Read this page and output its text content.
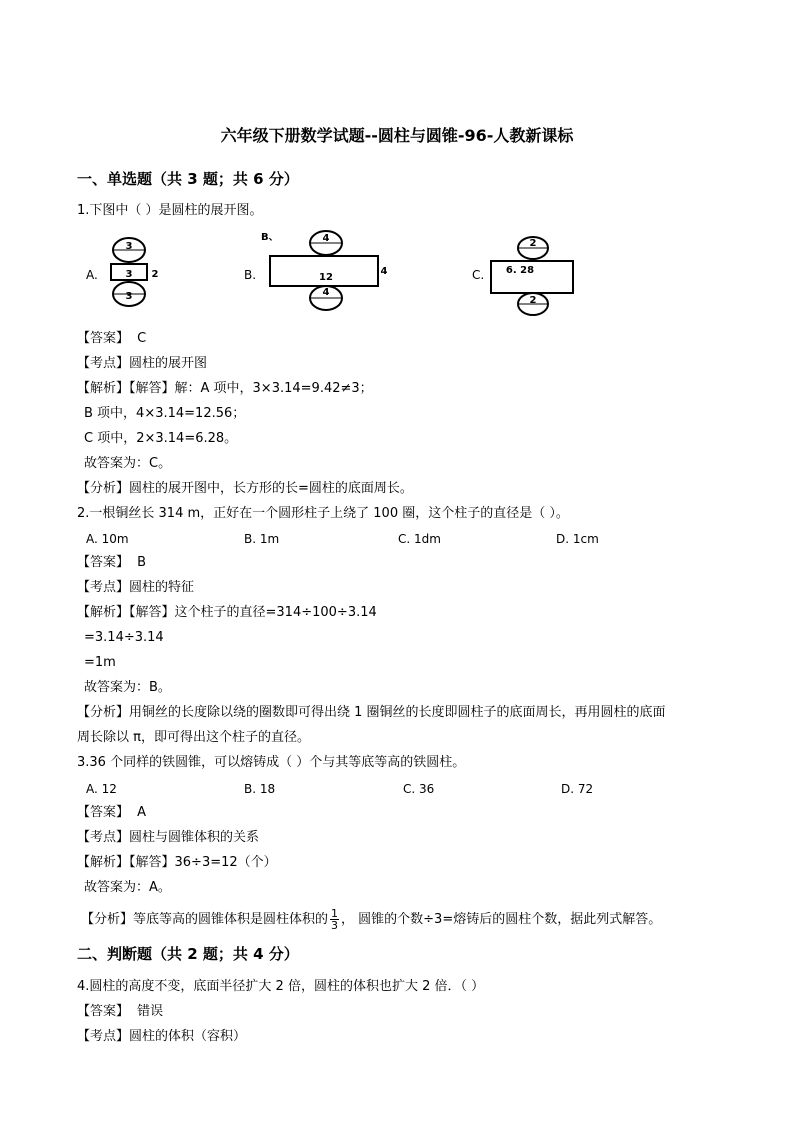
六年级下册数学试题--圆柱与圆锥-96-人教新课标
一、单选题（共 3 题；共 6 分）
1.下图中（ ）是圆柱的展开图。
A.
3
3 2
3
B.
B、	4
12
4
4
C.
2
6. 28
2
【答案】 C
【考点】圆柱的展开图
【解析】【解答】解：A 项中，3×3.14=9.42≠3；
B 项中，4×3.14=12.56；
C 项中，2×3.14=6.28。
故答案为：C。
【分析】圆柱的展开图中，长方形的长=圆柱的底面周长。
2.一根铜丝长 314 m，正好在一个圆形柱子上绕了 100 圈，这个柱子的直径是（ ）。
A. 10m	B. 1m	C. 1dm	D. 1cm
【答案】 B
【考点】圆柱的特征
【解析】【解答】这个柱子的直径=314÷100÷3.14
=3.14÷3.14
=1m
故答案为：B。
【分析】用铜丝的长度除以绕的圈数即可得出绕 1 圈铜丝的长度即圆柱子的底面周长，再用圆柱的底面
周长除以 π，即可得出这个柱子的直径。
3.36 个同样的铁圆锥，可以熔铸成（ ）个与其等底等高的铁圆柱。
A. 12	B. 18	C. 36	D. 72
【答案】 A
【考点】圆柱与圆锥体积的关系
【解析】【解答】36÷3=12（个）
故答案为：A。
【分析】等底等高的圆锥体积是圆柱体积的 $\frac{1}{3}$ ， 圆锥的个数÷3=熔铸后的圆柱个数，据此列式解答。
二、判断题（共 2 题；共 4 分）
4.圆柱的高度不变，底面半径扩大 2 倍，圆柱的体积也扩大 2 倍．（ ）
【答案】 错误
【考点】圆柱的体积（容积）
